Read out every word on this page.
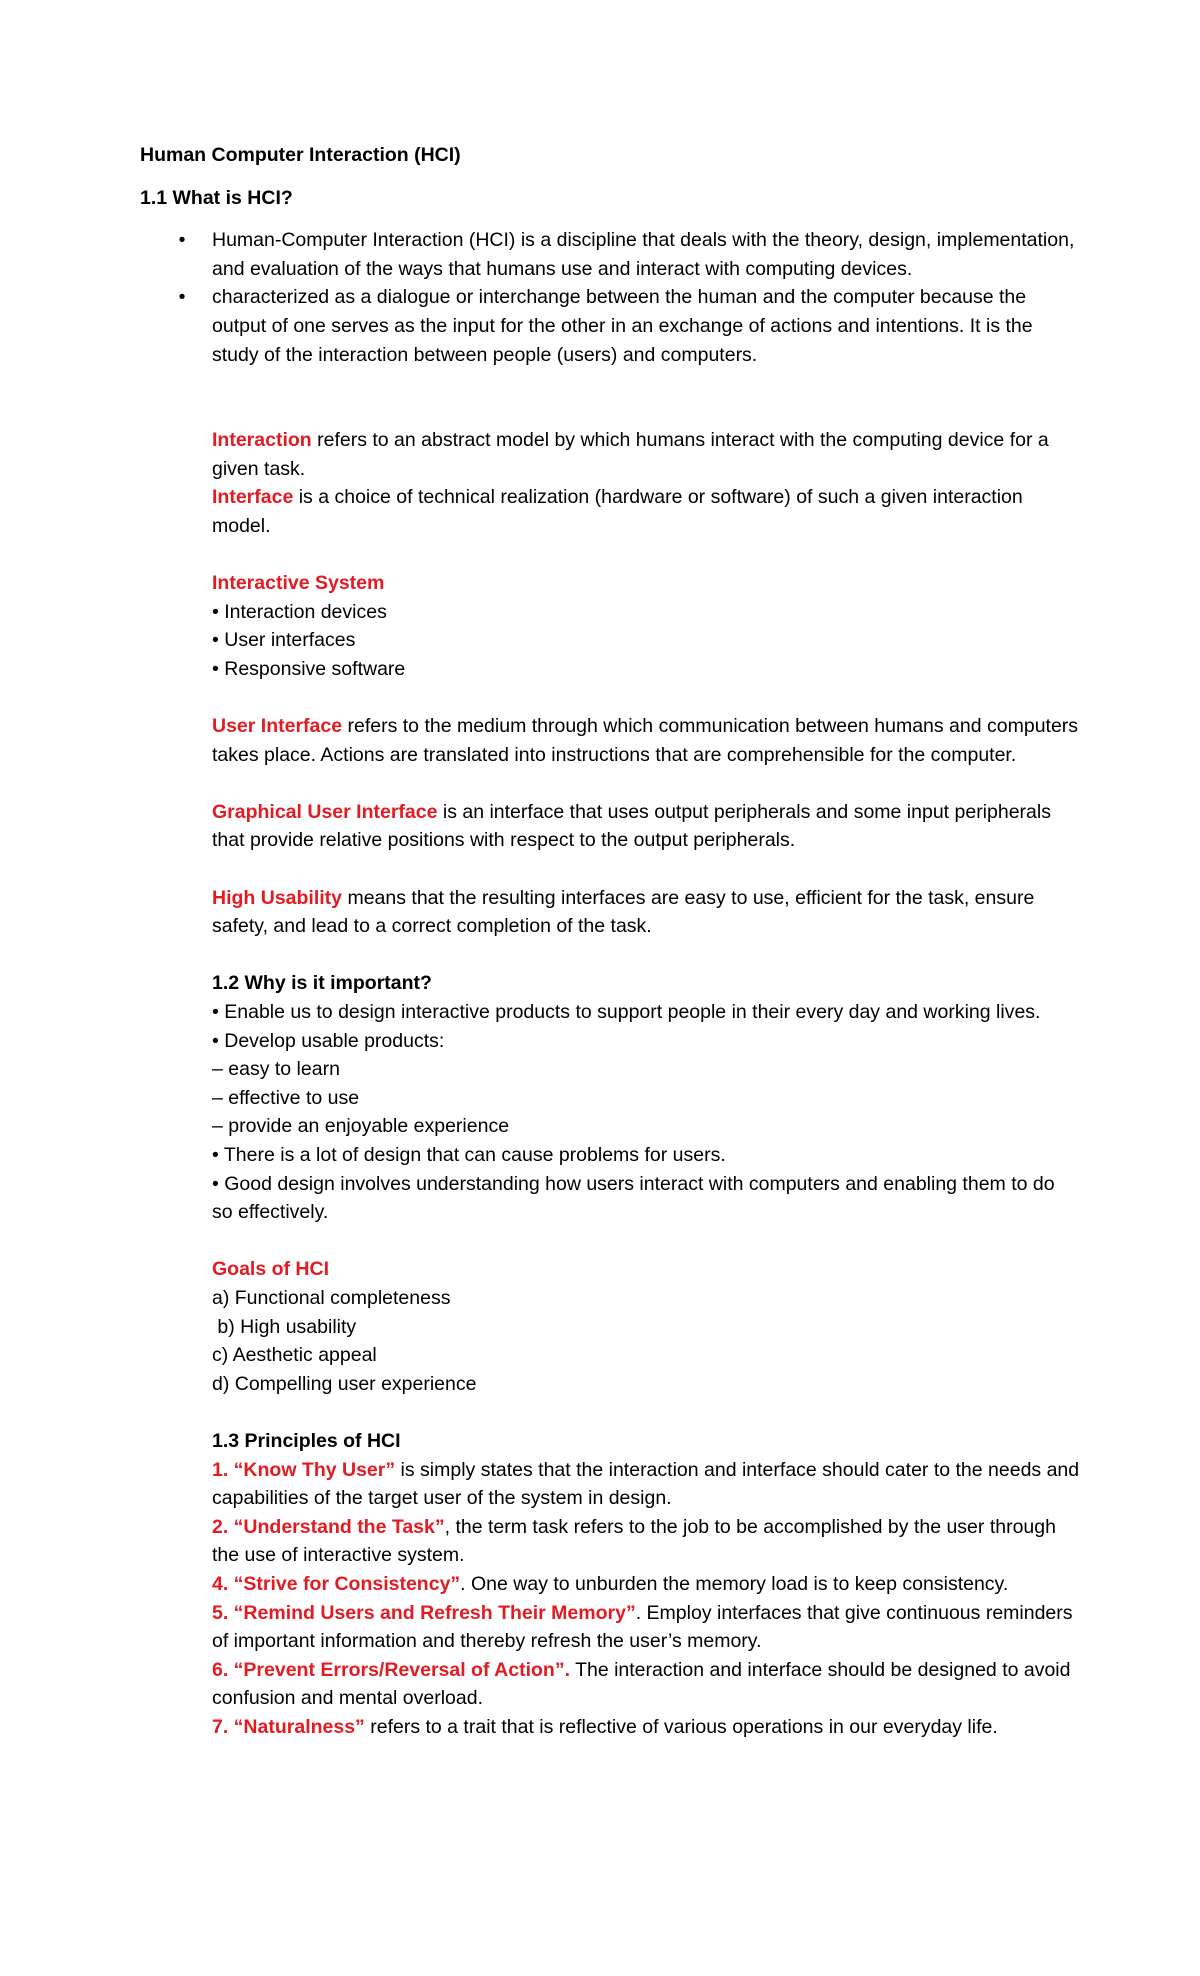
Human Computer Interaction (HCI)

1.1 What is HCI?

• Human-Computer Interaction (HCI) is a discipline that deals with the theory, design, implementation, and evaluation of the ways that humans use and interact with computing devices.
• characterized as a dialogue or interchange between the human and the computer because the output of one serves as the input for the other in an exchange of actions and intentions. It is the study of the interaction between people (users) and computers.

Interaction refers to an abstract model by which humans interact with the computing device for a given task.

Interface is a choice of technical realization (hardware or software) of such a given interaction model.

Interactive System

• Interaction devices

• User interfaces

• Responsive software

User Interface refers to the medium through which communication between humans and computers takes place. Actions are translated into instructions that are comprehensible for the computer.

Graphical User Interface is an interface that uses output peripherals and some input peripherals that provide relative positions with respect to the output peripherals.

High Usability means that the resulting interfaces are easy to use, efficient for the task, ensure safety, and lead to a correct completion of the task.

1.2 Why is it important?

• Enable us to design interactive products to support people in their every day and working lives.

• Develop usable products:

– easy to learn

– effective to use

– provide an enjoyable experience

• There is a lot of design that can cause problems for users.

• Good design involves understanding how users interact with computers and enabling them to do so effectively.

Goals of HCI

a) Functional completeness

b) High usability

c) Aesthetic appeal

d) Compelling user experience

1.3 Principles of HCI

1. “Know Thy User” is simply states that the interaction and interface should cater to the needs and capabilities of the target user of the system in design.

2. “Understand the Task”, the term task refers to the job to be accomplished by the user through the use of interactive system.

4. “Strive for Consistency”. One way to unburden the memory load is to keep consistency.

5. “Remind Users and Refresh Their Memory”. Employ interfaces that give continuous reminders of important information and thereby refresh the user’s memory.

6. “Prevent Errors/Reversal of Action”. The interaction and interface should be designed to avoid confusion and mental overload.

7. “Naturalness” refers to a trait that is reflective of various operations in our everyday life.
